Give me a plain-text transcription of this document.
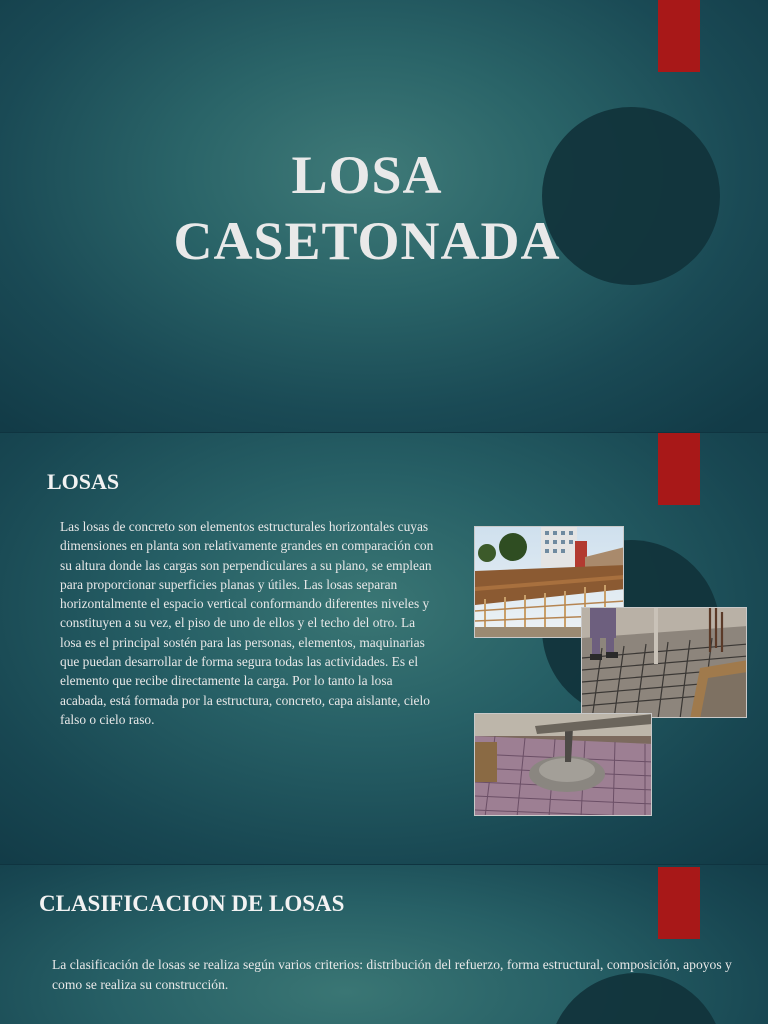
LOSA
CASETONADA
LOSAS

Las losas de concreto son elementos estructurales horizontales cuyas dimensiones en planta son relativamente grandes en comparación con su altura donde las cargas son perpendiculares a su plano, se emplean para proporcionar superficies planas y útiles. Las losas separan horizontalmente el espacio vertical conformando diferentes niveles y constituyen a su vez, el piso de uno de ellos y el techo del otro. La losa es el principal sostén para las personas, elementos, maquinarias que puedan desarrollar de forma segura todas las actividades. Es el elemento que recibe directamente la carga. Por lo tanto la losa acabada, está formada por la estructura, concreto, capa aislante, cielo falso o cielo raso.

CLASIFICACION DE LOSAS

La clasificación de losas se realiza según varios criterios: distribución del refuerzo, forma estructural, composición, apoyos y como se realiza su construcción.
